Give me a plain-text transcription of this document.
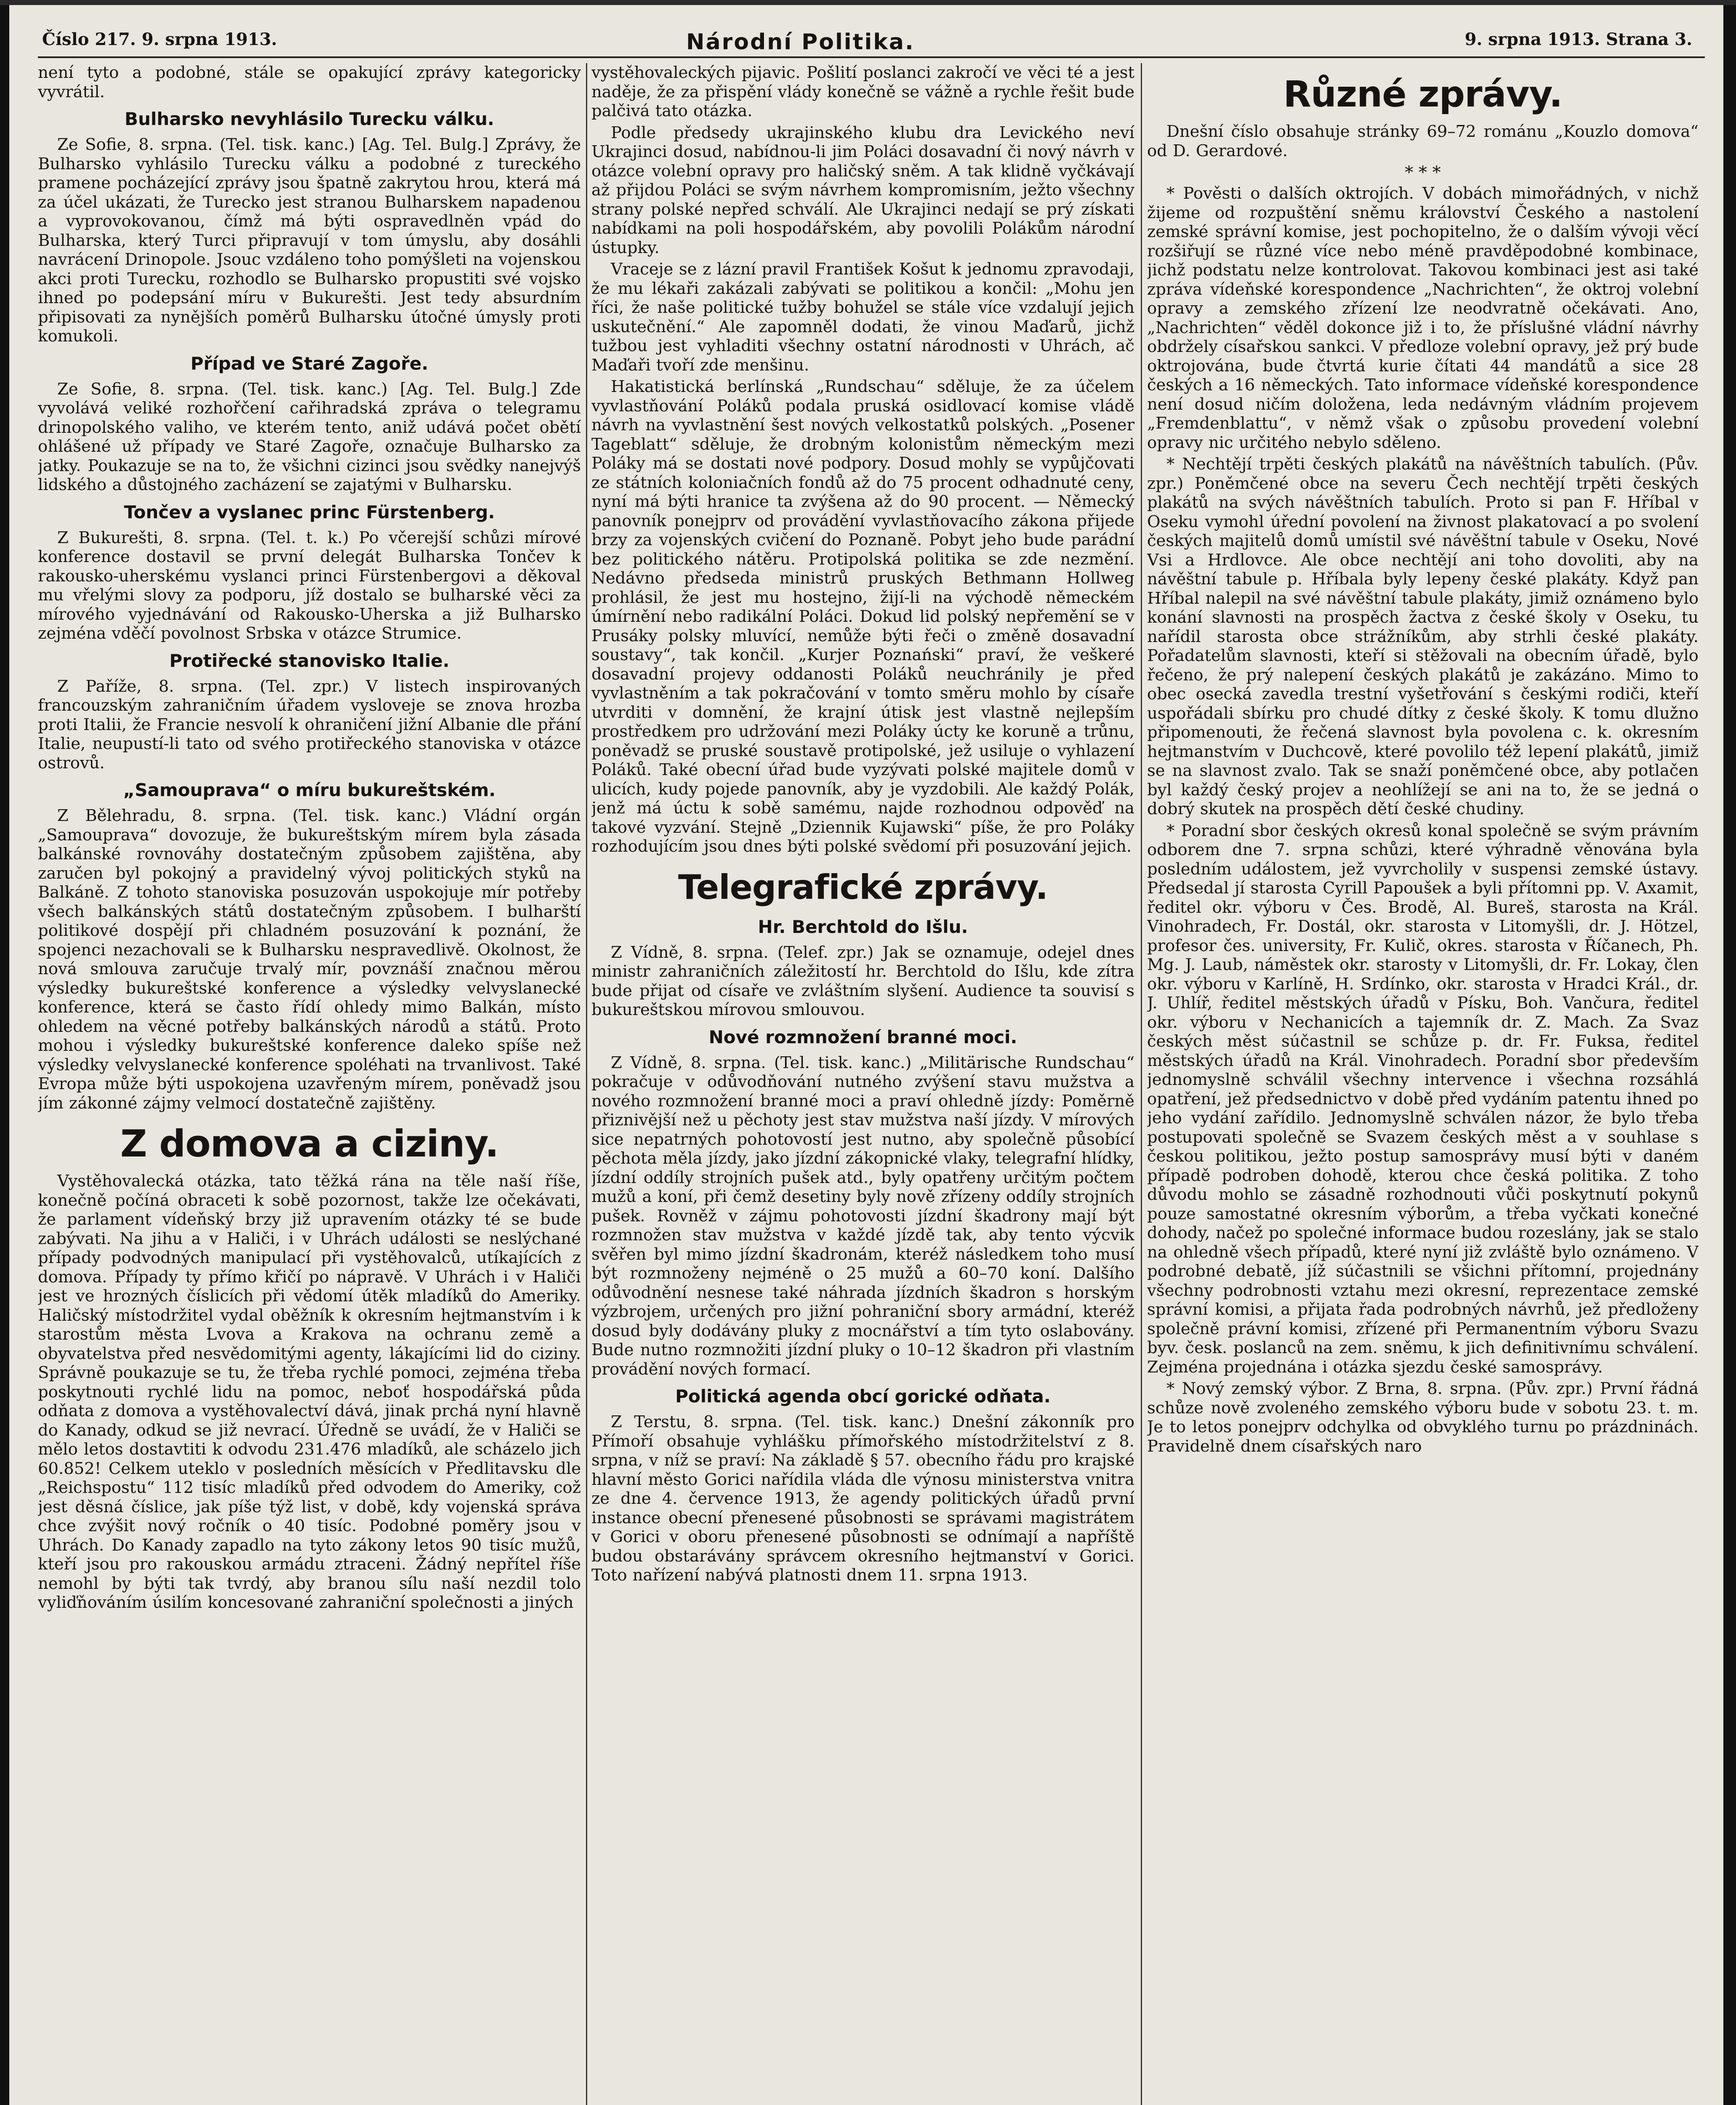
Číslo 217. 9. srpna 1913.	Národní Politika.	9. srpna 1913. Strana 3.

není tyto a podobné, stále se opakující zprávy kategoricky vyvrátil.

Bulharsko nevyhlásilo Turecku válku.

Ze Sofie, 8. srpna. (Tel. tisk. kanc.) [Ag. Tel. Bulg.] Zprávy, že Bulharsko vyhlásilo Turecku válku a podobné z tureckého pramene pocházející zprávy jsou špatně zakrytou hrou, která má za účel ukázati, že Turecko jest stranou Bulharskem napadenou a vyprovokovanou, čímž má býti ospravedlněn vpád do Bulharska, který Turci připravují v tom úmyslu, aby dosáhli navrácení Drinopole. Jsouc vzdáleno toho pomýšleti na vojenskou akci proti Turecku, rozhodlo se Bulharsko propustiti své vojsko ihned po podepsání míru v Bukurešti. Jest tedy absurdním připisovati za nynějších poměrů Bulharsku útočné úmysly proti komukoli.

Případ ve Staré Zagoře.

Ze Sofie, 8. srpna. (Tel. tisk. kanc.) [Ag. Tel. Bulg.] Zde vyvolává veliké rozhořčení cařihradská zpráva o telegramu drinopolského valiho, ve kterém tento, aniž udává počet obětí ohlášené už případy ve Staré Zagoře, označuje Bulharsko za jatky. Poukazuje se na to, že všichni cizinci jsou svědky nanejvýš lidského a důstojného zacházení se zajatými v Bulharsku.

Tončev a vyslanec princ Fürstenberg.

Z Bukurešti, 8. srpna. (Tel. t. k.) Po včerejší schůzi mírové konference dostavil se první delegát Bulharska Tončev k rakousko-uherskému vyslanci princi Fürstenbergovi a děkoval mu vřelými slovy za podporu, jíž dostalo se bulharské věci za mírového vyjednávání od Rakousko-Uherska a již Bulharsko zejména vděčí povolnost Srbska v otázce Strumice.

Protiřecké stanovisko Italie.

Z Paříže, 8. srpna. (Tel. zpr.) V listech inspirovaných francouzským zahraničním úřadem vysloveje se znova hrozba proti Italii, že Francie nesvolí k ohraničení jižní Albanie dle přání Italie, neupustí-li tato od svého protiřeckého stanoviska v otázce ostrovů.

„Samouprava“ o míru bukureštském.

Z Bělehradu, 8. srpna. (Tel. tisk. kanc.) Vládní orgán „Samouprava“ dovozuje, že bukureštským mírem byla zásada balkánské rovnováhy dostatečným způsobem zajištěna, aby zaručen byl pokojný a pravidelný vývoj politických styků na Balkáně. Z tohoto stanoviska posuzován uspokojuje mír potřeby všech balkánských států dostatečným způsobem. I bulharští politikové dospějí při chladném posuzování k poznání, že spojenci nezachovali se k Bulharsku nespravedlivě. Okolnost, že nová smlouva zaručuje trvalý mír, povznáší značnou měrou výsledky bukureštské konference a výsledky velvyslanecké konference, která se často řídí ohledy mimo Balkán, místo ohledem na věcné potřeby balkánských národů a států. Proto mohou i výsledky bukureštské konference daleko spíše než výsledky velvyslanecké konference spoléhati na trvanlivost. Také Evropa může býti uspokojena uzavřeným mírem, poněvadž jsou jím zákonné zájmy velmocí dostatečně zajištěny.

Z domova a ciziny.

Vystěhovalecká otázka, tato těžká rána na těle naší říše, konečně počíná obraceti k sobě pozornost, takže lze očekávati, že parlament vídeňský brzy již upravením otázky té se bude zabývati. Na jihu a v Haliči, i v Uhrách události se neslýchané případy podvodných manipulací při vystěhovalců, utíkajících z domova. Případy ty přímo křičí po nápravě. V Uhrách i v Haliči jest ve hrozných číslicích při vědomí útěk mladíků do Ameriky. Haličský místodržitel vydal oběžník k okresním hejtmanstvím i k starostům města Lvova a Krakova na ochranu země a obyvatelstva před nesvědomitými agenty, lákajícími lid do ciziny. Správně poukazuje se tu, že třeba rychlé pomoci, zejména třeba poskytnouti rychlé lidu na pomoc, neboť hospodářská půda odňata z domova a vystěhovalectví dává, jinak prchá nyní hlavně do Kanady, odkud se již nevrací. Úředně se uvádí, že v Haliči se mělo letos dostavtiti k odvodu 231.476 mladíků, ale scházelo jich 60.852! Celkem uteklo v posledních měsících v Předlitavsku dle „Reichspostu“ 112 tisíc mladíků před odvodem do Ameriky, což jest děsná číslice, jak píše týž list, v době, kdy vojenská správa chce zvýšit nový ročník o 40 tisíc. Podobné poměry jsou v Uhrách. Do Kanady zapadlo na tyto zákony letos 90 tisíc mužů, kteří jsou pro rakouskou armádu ztraceni. Žádný nepřítel říše nemohl by býti tak tvrdý, aby branou sílu naší nezdil tolo vyliďňováním úsilím koncesované zahraniční společnosti a jiných

vystěhovaleckých pijavic. Pošlití poslanci zakročí ve věci té a jest naděje, že za přispění vlády konečně se vážně a rychle řešit bude palčivá tato otázka.

Podle předsedy ukrajinského klubu dra Levického neví Ukrajinci dosud, nabídnou-li jim Poláci dosavadní či nový návrh v otázce volební opravy pro haličský sněm. A tak klidně vyčkávají až přijdou Poláci se svým návrhem kompromisním, ježto všechny strany polské nepřed schválí. Ale Ukrajinci nedají se prý získati nabídkami na poli hospodářském, aby povolili Polákům národní ústupky.

Vraceje se z lázní pravil František Košut k jednomu zpravodaji, že mu lékaři zakázali zabývati se politikou a končil: „Mohu jen říci, že naše politické tužby bohužel se stále více vzdalují jejich uskutečnění.“ Ale zapomněl dodati, že vinou Maďarů, jichž tužbou jest vyhladiti všechny ostatní národnosti v Uhrách, ač Maďaři tvoří zde menšinu.

Hakatistická berlínská „Rundschau“ sděluje, že za účelem vyvlastňování Poláků podala pruská osidlovací komise vládě návrh na vyvlastnění šest nových velkostatků polských. „Posener Tageblatt“ sděluje, že drobným kolonistům německým mezi Poláky má se dostati nové podpory. Dosud mohly se vypůjčovati ze státních koloniačních fondů až do 75 procent odhadnuté ceny, nyní má býti hranice ta zvýšena až do 90 procent. — Německý panovník ponejprv od provádění vyvlastňovacího zákona přijede brzy za vojenských cvičení do Poznaně. Pobyt jeho bude parádní bez politického nátěru. Protipolská politika se zde nezmění. Nedávno předseda ministrů pruských Bethmann Hollweg prohlásil, že jest mu hostejno, žijí-li na východě německém úmírnění nebo radikální Poláci. Dokud lid polský nepřemění se v Prusáky polsky mluvící, nemůže býti řeči o změně dosavadní soustavy“, tak končil. „Kurjer Poznański“ praví, že veškeré dosavadní projevy oddanosti Poláků neuchránily je před vyvlastněním a tak pokračování v tomto směru mohlo by císaře utvrditi v domnění, že krajní útisk jest vlastně nejlepším prostředkem pro udržování mezi Poláky úcty ke koruně a trůnu, poněvadž se pruské soustavě protipolské, jež usiluje o vyhlazení Poláků. Také obecní úřad bude vyzývati polské majitele domů v ulicích, kudy pojede panovník, aby je vyzdobili. Ale každý Polák, jenž má úctu k sobě samému, najde rozhodnou odpověď na takové vyzvání. Stejně „Dziennik Kujawski“ píše, že pro Poláky rozhodujícím jsou dnes býti polské svědomí při posuzování jejich.

Telegrafické zprávy.
Hr. Berchtold do Išlu.

Z Vídně, 8. srpna. (Telef. zpr.) Jak se oznamuje, odejel dnes ministr zahraničních záležitostí hr. Berchtold do Išlu, kde zítra bude přijat od císaře ve zvláštním slyšení. Audience ta souvisí s bukureštskou mírovou smlouvou.

Nové rozmnožení branné moci.

Z Vídně, 8. srpna. (Tel. tisk. kanc.) „Militärische Rundschau“ pokračuje v odůvodňování nutného zvýšení stavu mužstva a nového rozmnožení branné moci a praví ohledně jízdy: Poměrně přiznivější než u pěchoty jest stav mužstva naší jízdy. V mírových sice nepatrných pohotovostí jest nutno, aby společně působící pěchota měla jízdy, jako jízdní zákopnické vlaky, telegrafní hlídky, jízdní oddíly strojních pušek atd., byly opatřeny určitým počtem mužů a koní, při čemž desetiny byly nově zřízeny oddíly strojních pušek. Rovněž v zájmu pohotovosti jízdní škadrony mají být rozmnožen stav mužstva v každé jízdě tak, aby tento výcvik svěřen byl mimo jízdní škadronám, kteréž následkem toho musí být rozmnoženy nejméně o 25 mužů a 60–70 koní. Dalšího odůvodnění nesnese také náhrada jízdních škadron s horským výzbrojem, určených pro jižní pohraniční sbory armádní, kteréž dosud byly dodávány pluky z mocnářství a tím tyto oslabovány. Bude nutno rozmnožiti jízdní pluky o 10–12 škadron při vlastním provádění nových formací.

Politická agenda obcí gorické odňata.

Z Terstu, 8. srpna. (Tel. tisk. kanc.) Dnešní zákonník pro Přímoří obsahuje vyhlášku přímořského místodržitelství z 8. srpna, v níž se praví: Na základě § 57. obecního řádu pro krajské hlavní město Gorici nařídila vláda dle výnosu ministerstva vnitra ze dne 4. července 1913, že agendy politických úřadů první instance obecní přenesené působnosti se správami magistrátem v Gorici v oboru přenesené působnosti se odnímají a napříště budou obstarávány správcem okresního hejtmanství v Gorici. Toto nařízení nabývá platnosti dnem 11. srpna 1913.

Různé zprávy.

Dnešní číslo obsahuje stránky 69–72 románu „Kouzlo domova“ od D. Gerardové.

* * *

* Pověsti o dalších oktrojích. V dobách mimořádných, v nichž žijeme od rozpuštění sněmu království Českého a nastolení zemské správní komise, jest pochopitelno, že o dalším vývoji věcí rozšiřují se různé více nebo méně pravděpodobné kombinace, jichž podstatu nelze kontrolovat. Takovou kombinaci jest asi také zpráva vídeňské korespondence „Nachrichten“, že oktroj volební opravy a zemského zřízení lze neodvratně očekávati. Ano, „Nachrichten“ věděl dokonce již i to, že příslušné vládní návrhy obdržely císařskou sankci. V předloze volební opravy, jež prý bude oktrojována, bude čtvrtá kurie čítati 44 mandátů a sice 28 českých a 16 německých. Tato informace vídeňské korespondence není dosud ničím doložena, leda nedávným vládním projevem „Fremdenblattu“, v němž však o způsobu provedení volební opravy nic určitého nebylo sděleno.

* Nechtějí trpěti českých plakátů na návěštních tabulích. (Pův. zpr.) Poněmčené obce na severu Čech nechtějí trpěti českých plakátů na svých návěštních tabulích. Proto si pan F. Hříbal v Oseku vymohl úřední povolení na živnost plakatovací a po svolení českých majitelů domů umístil své návěštní tabule v Oseku, Nové Vsi a Hrdlovce. Ale obce nechtějí ani toho dovoliti, aby na návěštní tabule p. Hříbala byly lepeny české plakáty. Když pan Hříbal nalepil na své návěštní tabule plakáty, jimiž oznámeno bylo konání slavnosti na prospěch žactva z české školy v Oseku, tu nařídil starosta obce strážníkům, aby strhli české plakáty. Pořadatelům slavnosti, kteří si stěžovali na obecním úřadě, bylo řečeno, že prý nalepení českých plakátů je zakázáno. Mimo to obec osecká zavedla trestní vyšetřování s českými rodiči, kteří uspořádali sbírku pro chudé dítky z české školy. K tomu dlužno připomenouti, že řečená slavnost byla povolena c. k. okresním hejtmanstvím v Duchcově, které povolilo též lepení plakátů, jimiž se na slavnost zvalo. Tak se snaží poněmčené obce, aby potlačen byl každý český projev a neohlížejí se ani na to, že se jedná o dobrý skutek na prospěch dětí české chudiny.

* Poradní sbor českých okresů konal společně se svým právním odborem dne 7. srpna schůzi, které výhradně věnována byla posledním událostem, jež vyvrcholily v suspensi zemské ústavy. Předsedal jí starosta Cyrill Papoušek a byli přítomni pp. V. Axamit, ředitel okr. výboru v Čes. Brodě, Al. Bureš, starosta na Král. Vinohradech, Fr. Dostál, okr. starosta v Litomyšli, dr. J. Hötzel, profesor čes. university, Fr. Kulič, okres. starosta v Říčanech, Ph. Mg. J. Laub, náměstek okr. starosty v Litomyšli, dr. Fr. Lokay, člen okr. výboru v Karlíně, H. Srdínko, okr. starosta v Hradci Král., dr. J. Uhlíř, ředitel městských úřadů v Písku, Boh. Vančura, ředitel okr. výboru v Nechanicích a tajemník dr. Z. Mach. Za Svaz českých měst súčastnil se schůze p. dr. Fr. Fuksa, ředitel městských úřadů na Král. Vinohradech. Poradní sbor především jednomyslně schválil všechny intervence i všechna rozsáhlá opatření, jež předsednictvo v době před vydáním patentu ihned po jeho vydání zařídilo. Jednomyslně schválen názor, že bylo třeba postupovati společně se Svazem českých měst a v souhlase s českou politikou, ježto postup samosprávy musí býti v daném případě podroben dohodě, kterou chce česká politika. Z toho důvodu mohlo se zásadně rozhodnouti vůči poskytnutí pokynů pouze samostatné okresním výborům, a třeba vyčkati konečné dohody, načež po společné informace budou rozeslány, jak se stalo na ohledně všech případů, které nyní již zvláště bylo oznámeno. V podrobné debatě, jíž súčastnili se všichni přítomní, projednány všechny podrobnosti vztahu mezi okresní, reprezentace zemské správní komisi, a přijata řada podrobných návrhů, jež předloženy společně právní komisi, zřízené při Permanentním výboru Svazu byv. česk. poslanců na zem. sněmu, k jich definitivnímu schválení. Zejména projednána i otázka sjezdu české samosprávy.

* Nový zemský výbor. Z Brna, 8. srpna. (Pův. zpr.) První řádná schůze nově zvoleného zemského výboru bude v sobotu 23. t. m. Je to letos ponejprv odchylka od obvyklého turnu po prázdninách. Pravidelně dnem císařských naro
